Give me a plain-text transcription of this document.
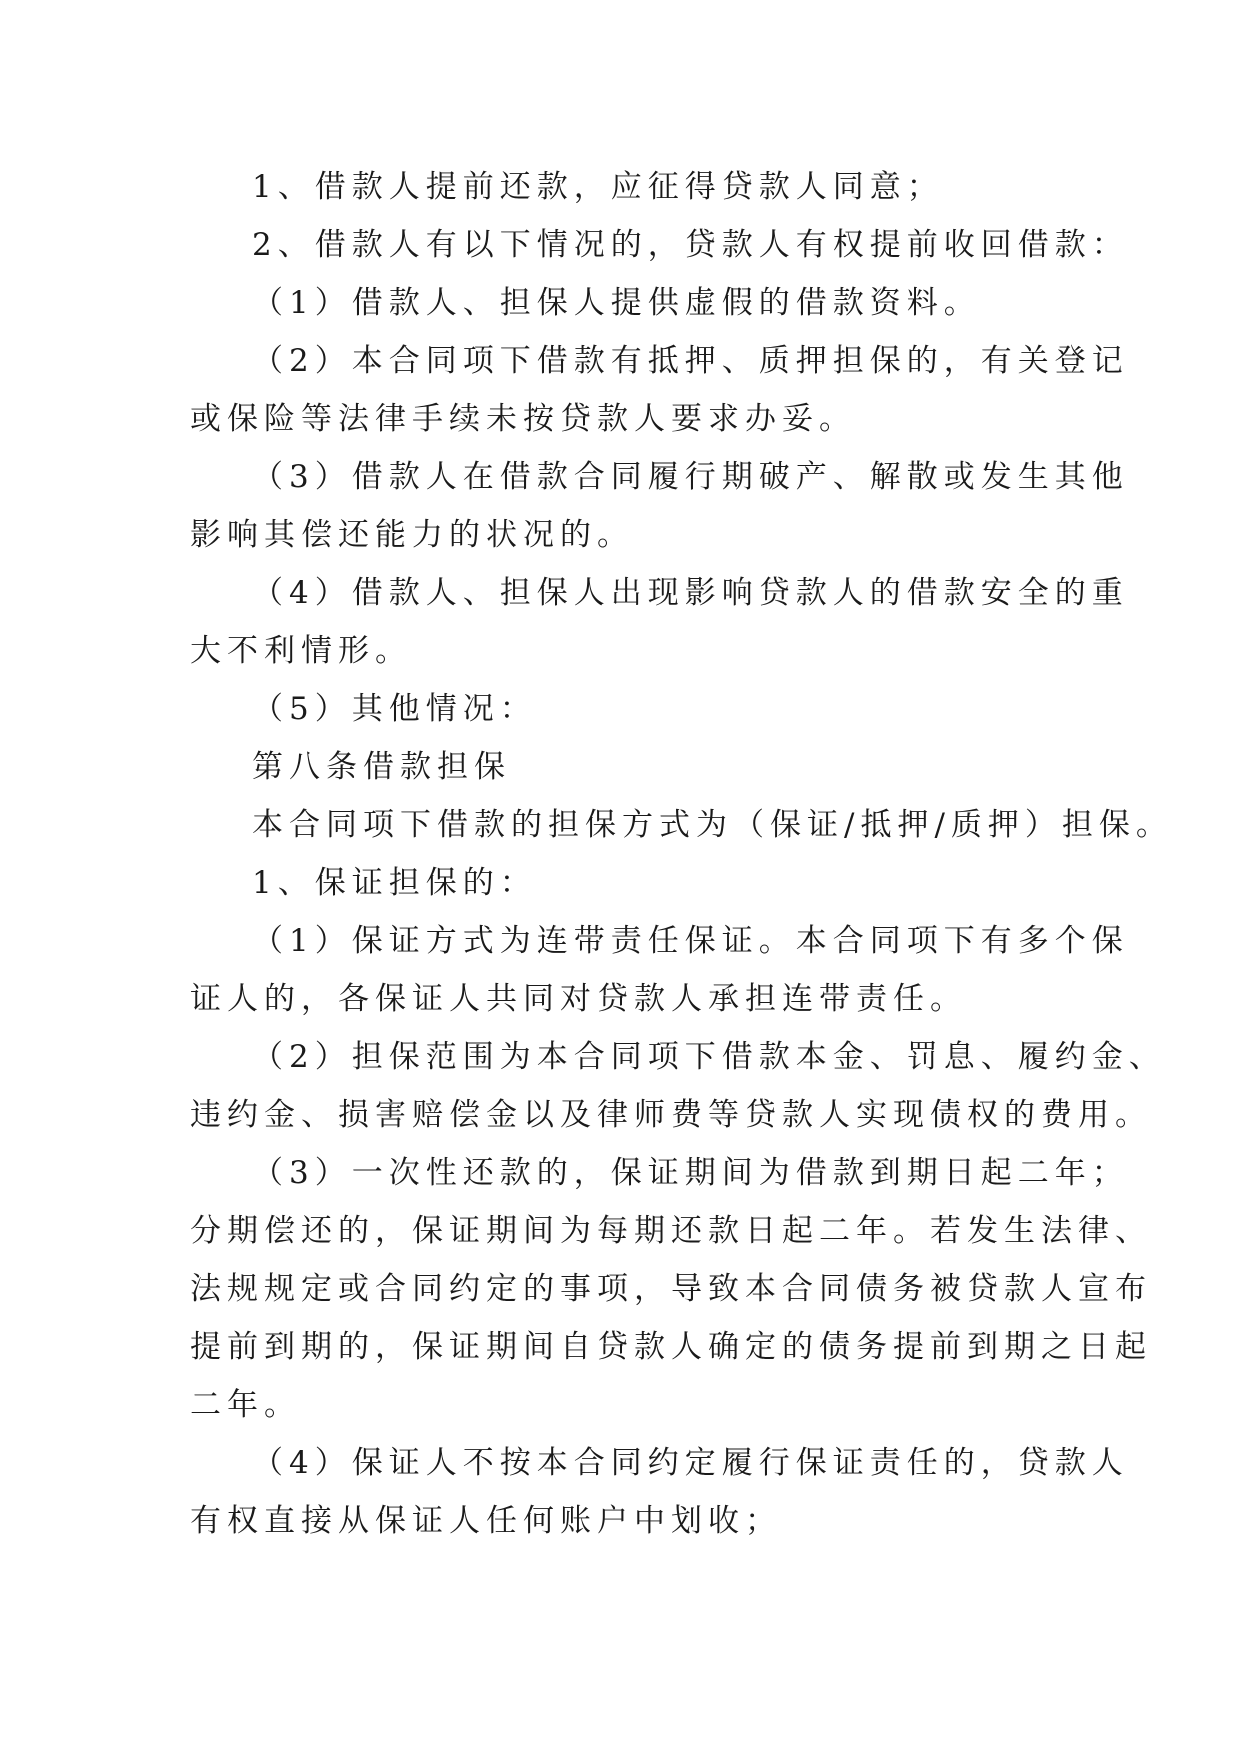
1、借款人提前还款，应征得贷款人同意；

2、借款人有以下情况的，贷款人有权提前收回借款：

（1）借款人、担保人提供虚假的借款资料。

（2）本合同项下借款有抵押、质押担保的，有关登记

或保险等法律手续未按贷款人要求办妥。

（3）借款人在借款合同履行期破产、解散或发生其他

影响其偿还能力的状况的。

（4）借款人、担保人出现影响贷款人的借款安全的重

大不利情形。

（5）其他情况：

第八条借款担保

本合同项下借款的担保方式为（保证/抵押/质押）担保。

1、保证担保的：

（1）保证方式为连带责任保证。本合同项下有多个保

证人的，各保证人共同对贷款人承担连带责任。

（2）担保范围为本合同项下借款本金、罚息、履约金、

违约金、损害赔偿金以及律师费等贷款人实现债权的费用。

（3）一次性还款的，保证期间为借款到期日起二年；

分期偿还的，保证期间为每期还款日起二年。若发生法律、

法规规定或合同约定的事项，导致本合同债务被贷款人宣布

提前到期的，保证期间自贷款人确定的债务提前到期之日起

二年。

（4）保证人不按本合同约定履行保证责任的，贷款人

有权直接从保证人任何账户中划收；
